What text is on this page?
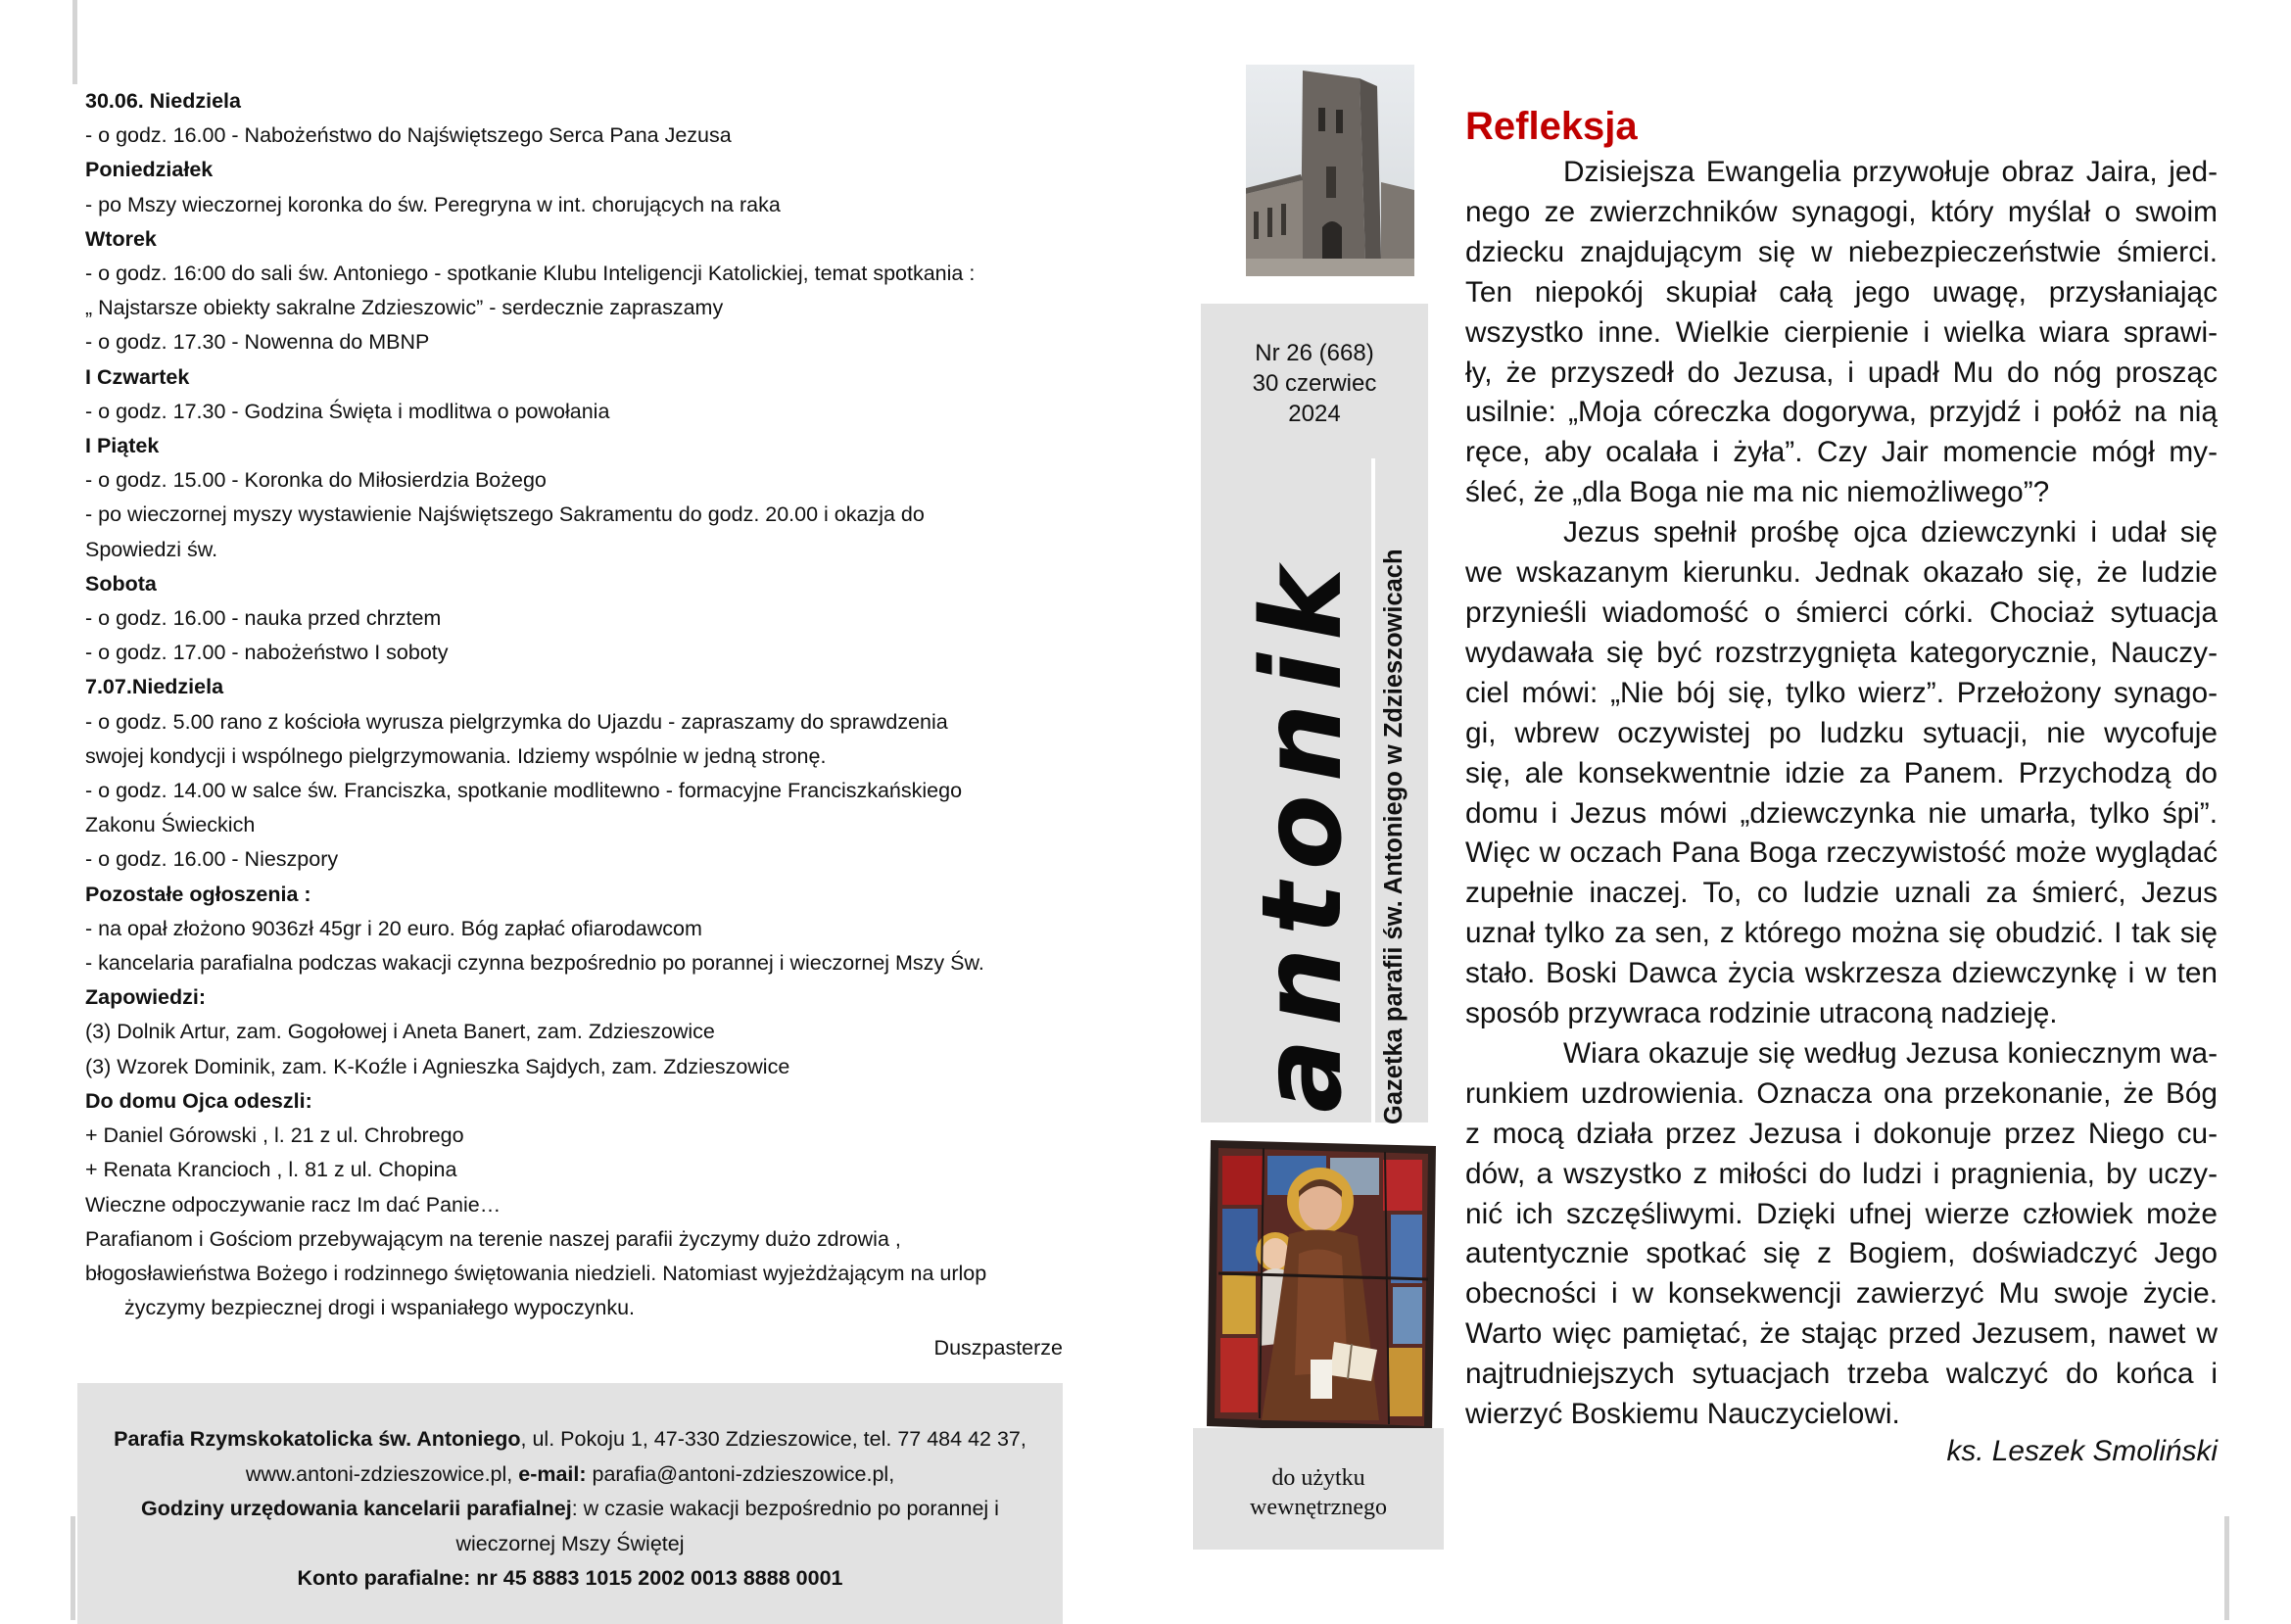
30.06. Niedziela
- o godz. 16.00 - Nabożeństwo do Najświętszego Serca Pana Jezusa
Poniedziałek
- po Mszy wieczornej koronka do św. Peregryna w int. chorujących na raka
Wtorek
- o godz. 16:00 do sali św. Antoniego - spotkanie Klubu Inteligencji Katolickiej, temat spotkania :
„ Najstarsze obiekty sakralne Zdzieszowic” - serdecznie zapraszamy
- o godz. 17.30 - Nowenna do MBNP
I Czwartek
- o godz. 17.30 - Godzina Święta i modlitwa o powołania
I Piątek
- o godz. 15.00 - Koronka do Miłosierdzia Bożego
- po wieczornej myszy wystawienie Najświętszego Sakramentu do godz. 20.00 i okazja do
Spowiedzi św.
Sobota
- o godz. 16.00 - nauka przed chrztem
- o godz. 17.00 - nabożeństwo I soboty
7.07.Niedziela
- o godz. 5.00 rano z kościoła wyrusza pielgrzymka do Ujazdu - zapraszamy do sprawdzenia
swojej kondycji i wspólnego pielgrzymowania. Idziemy wspólnie w jedną stronę.
- o godz. 14.00 w salce św. Franciszka, spotkanie modlitewno - formacyjne Franciszkańskiego
Zakonu Świeckich
- o godz. 16.00 - Nieszpory
Pozostałe ogłoszenia :
- na opał złożono 9036zł 45gr i 20 euro. Bóg zapłać ofiarodawcom
- kancelaria parafialna podczas wakacji czynna bezpośrednio po porannej i wieczornej Mszy Św.
Zapowiedzi:
(3) Dolnik Artur, zam. Gogołowej i Aneta Banert, zam. Zdzieszowice
(3) Wzorek Dominik, zam. K-Koźle i Agnieszka Sajdych, zam. Zdzieszowice
Do domu Ojca odeszli:
+ Daniel Górowski , l. 21 z ul. Chrobrego
+ Renata Krancioch , l. 81 z ul. Chopina
Wieczne odpoczywanie racz Im dać Panie…
Parafianom i Gościom przebywającym na terenie naszej parafii życzymy dużo zdrowia ,
błogosławieństwa Bożego i rodzinnego świętowania niedzieli. Natomiast wyjeżdżającym na urlop
życzymy bezpiecznej drogi i wspaniałego wypoczynku.
Duszpasterze
Parafia Rzymskokatolicka św. Antoniego, ul. Pokoju 1, 47-330 Zdzieszowice, tel. 77 484 42 37,
www.antoni-zdzieszowice.pl, e-mail: parafia@antoni-zdzieszowice.pl,
Godziny urzędowania kancelarii parafialnej: w czasie wakacji bezpośrednio po porannej i
wieczornej Mszy Świętej
Konto parafialne: nr 45 8883 1015 2002 0013 8888 0001
Nr 26 (668)
30 czerwiec
2024
antonik Gazetka parafii św. Antoniego w Zdzieszowicach
do użytku
wewnętrznego
Refleksja
Dzisiejsza Ewangelia przywołuje obraz Jaira, jed-
nego ze zwierzchników synagogi, który myślał o swoim
dziecku znajdującym się w niebezpieczeństwie śmierci.
Ten niepokój skupiał całą jego uwagę, przysłaniając
wszystko inne. Wielkie cierpienie i wielka wiara sprawi-
ły, że przyszedł do Jezusa, i upadł Mu do nóg prosząc
usilnie: „Moja córeczka dogorywa, przyjdź i połóż na nią
ręce, aby ocalała i żyła”. Czy Jair momencie mógł my-
śleć, że „dla Boga nie ma nic niemożliwego”?
Jezus spełnił prośbę ojca dziewczynki i udał się
we wskazanym kierunku. Jednak okazało się, że ludzie
przynieśli wiadomość o śmierci córki. Chociaż sytuacja
wydawała się być rozstrzygnięta kategorycznie, Nauczy-
ciel mówi: „Nie bój się, tylko wierz”. Przełożony synago-
gi, wbrew oczywistej po ludzku sytuacji, nie wycofuje
się, ale konsekwentnie idzie za Panem. Przychodzą do
domu i Jezus mówi „dziewczynka nie umarła, tylko śpi”.
Więc w oczach Pana Boga rzeczywistość może wyglądać
zupełnie inaczej. To, co ludzie uznali za śmierć, Jezus
uznał tylko za sen, z którego można się obudzić. I tak się
stało. Boski Dawca życia wskrzesza dziewczynkę i w ten
sposób przywraca rodzinie utraconą nadzieję.
Wiara okazuje się według Jezusa koniecznym wa-
runkiem uzdrowienia. Oznacza ona przekonanie, że Bóg
z mocą działa przez Jezusa i dokonuje przez Niego cu-
dów, a wszystko z miłości do ludzi i pragnienia, by uczy-
nić ich szczęśliwymi. Dzięki ufnej wierze człowiek może
autentycznie spotkać się z Bogiem, doświadczyć Jego
obecności i w konsekwencji zawierzyć Mu swoje życie.
Warto więc pamiętać, że stając przed Jezusem, nawet w
najtrudniejszych sytuacjach trzeba walczyć do końca i
wierzyć Boskiemu Nauczycielowi.
ks. Leszek Smoliński
